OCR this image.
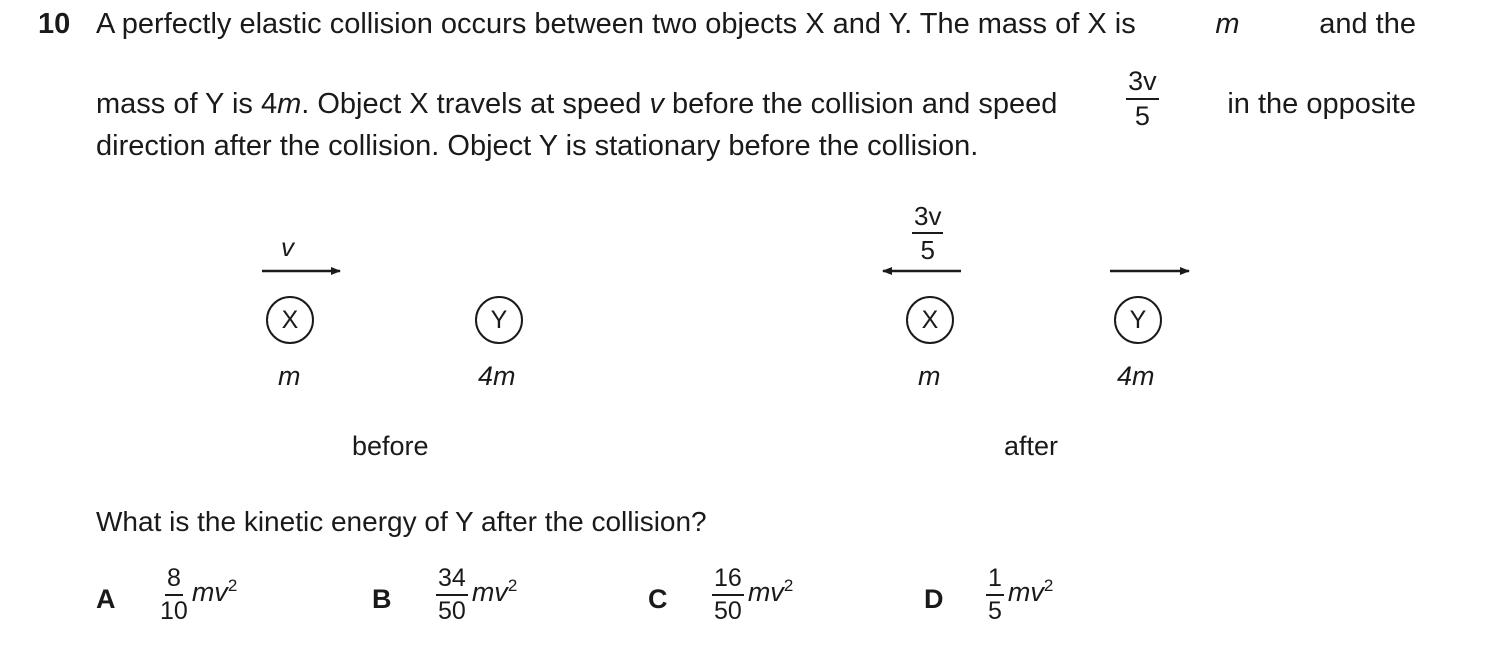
10 A perfectly elastic collision occurs between two objects X and Y. The mass of X is	m	and the
mass of Y is 4 m . Object X travels at speed
v
before the collision and speed	$\frac{3v}{5}$ in the opposite
direction after the collision. Object Y is stationary before the collision.
v
X
m
Y
4m
before
$\frac{3v}{5}$
X
m
Y
4m
after
What is the kinetic energy of Y after the collision?
A $\frac{8}{10} mv^2$	B $\frac{34}{50} mv^2$	C $\frac{16}{50} mv^2$	D $\frac{1}{5} mv^2$
